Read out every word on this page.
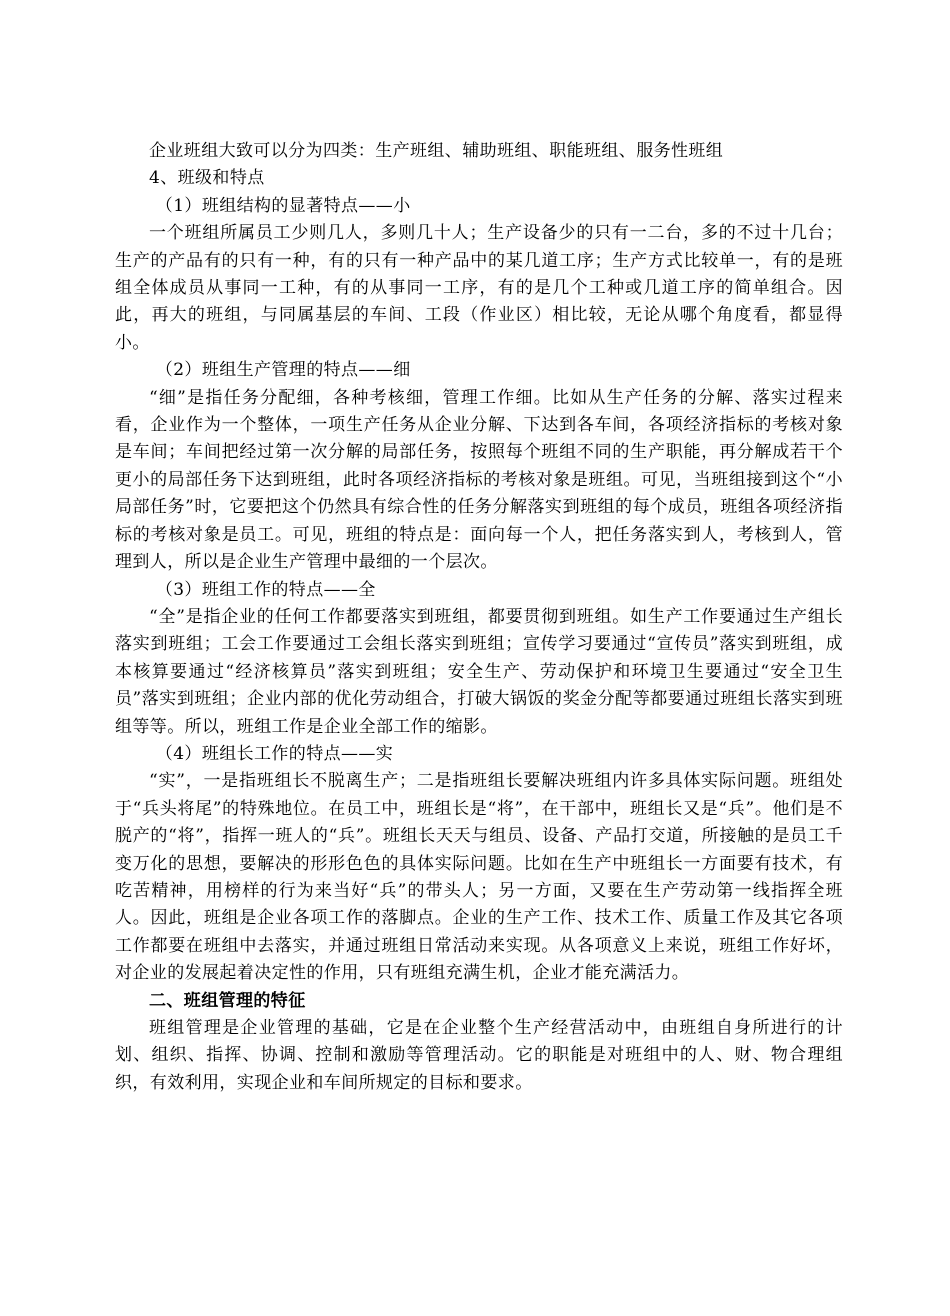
企业班组大致可以分为四类：生产班组、辅助班组、职能班组、服务性班组

4、班级和特点

（1）班组结构的显著特点——小

一个班组所属员工少则几人，多则几十人；生产设备少的只有一二台，多的不过十几台；生产的产品有的只有一种，有的只有一种产品中的某几道工序；生产方式比较单一，有的是班组全体成员从事同一工种，有的从事同一工序，有的是几个工种或几道工序的简单组合。因此，再大的班组，与同属基层的车间、工段（作业区）相比较，无论从哪个角度看，都显得小。

（2）班组生产管理的特点——细

“细”是指任务分配细，各种考核细，管理工作细。比如从生产任务的分解、落实过程来看，企业作为一个整体，一项生产任务从企业分解、下达到各车间，各项经济指标的考核对象是车间；车间把经过第一次分解的局部任务，按照每个班组不同的生产职能，再分解成若干个更小的局部任务下达到班组，此时各项经济指标的考核对象是班组。可见，当班组接到这个“小局部任务”时，它要把这个仍然具有综合性的任务分解落实到班组的每个成员，班组各项经济指标的考核对象是员工。可见，班组的特点是：面向每一个人，把任务落实到人，考核到人，管理到人，所以是企业生产管理中最细的一个层次。

（3）班组工作的特点——全

“全”是指企业的任何工作都要落实到班组，都要贯彻到班组。如生产工作要通过生产组长落实到班组；工会工作要通过工会组长落实到班组；宣传学习要通过“宣传员”落实到班组，成本核算要通过“经济核算员”落实到班组；安全生产、劳动保护和环境卫生要通过“安全卫生员”落实到班组；企业内部的优化劳动组合，打破大锅饭的奖金分配等都要通过班组长落实到班组等等。所以，班组工作是企业全部工作的缩影。

（4）班组长工作的特点——实

“实”，一是指班组长不脱离生产；二是指班组长要解决班组内许多具体实际问题。班组处于“兵头将尾”的特殊地位。在员工中，班组长是“将”，在干部中，班组长又是“兵”。他们是不脱产的“将”，指挥一班人的“兵”。班组长天天与组员、设备、产品打交道，所接触的是员工千变万化的思想，要解决的形形色色的具体实际问题。比如在生产中班组长一方面要有技术，有吃苦精神，用榜样的行为来当好“兵”的带头人；另一方面，又要在生产劳动第一线指挥全班人。因此，班组是企业各项工作的落脚点。企业的生产工作、技术工作、质量工作及其它各项工作都要在班组中去落实，并通过班组日常活动来实现。从各项意义上来说，班组工作好坏，对企业的发展起着决定性的作用，只有班组充满生机，企业才能充满活力。

二、班组管理的特征

班组管理是企业管理的基础，它是在企业整个生产经营活动中，由班组自身所进行的计划、组织、指挥、协调、控制和激励等管理活动。它的职能是对班组中的人、财、物合理组织，有效利用，实现企业和车间所规定的目标和要求。
